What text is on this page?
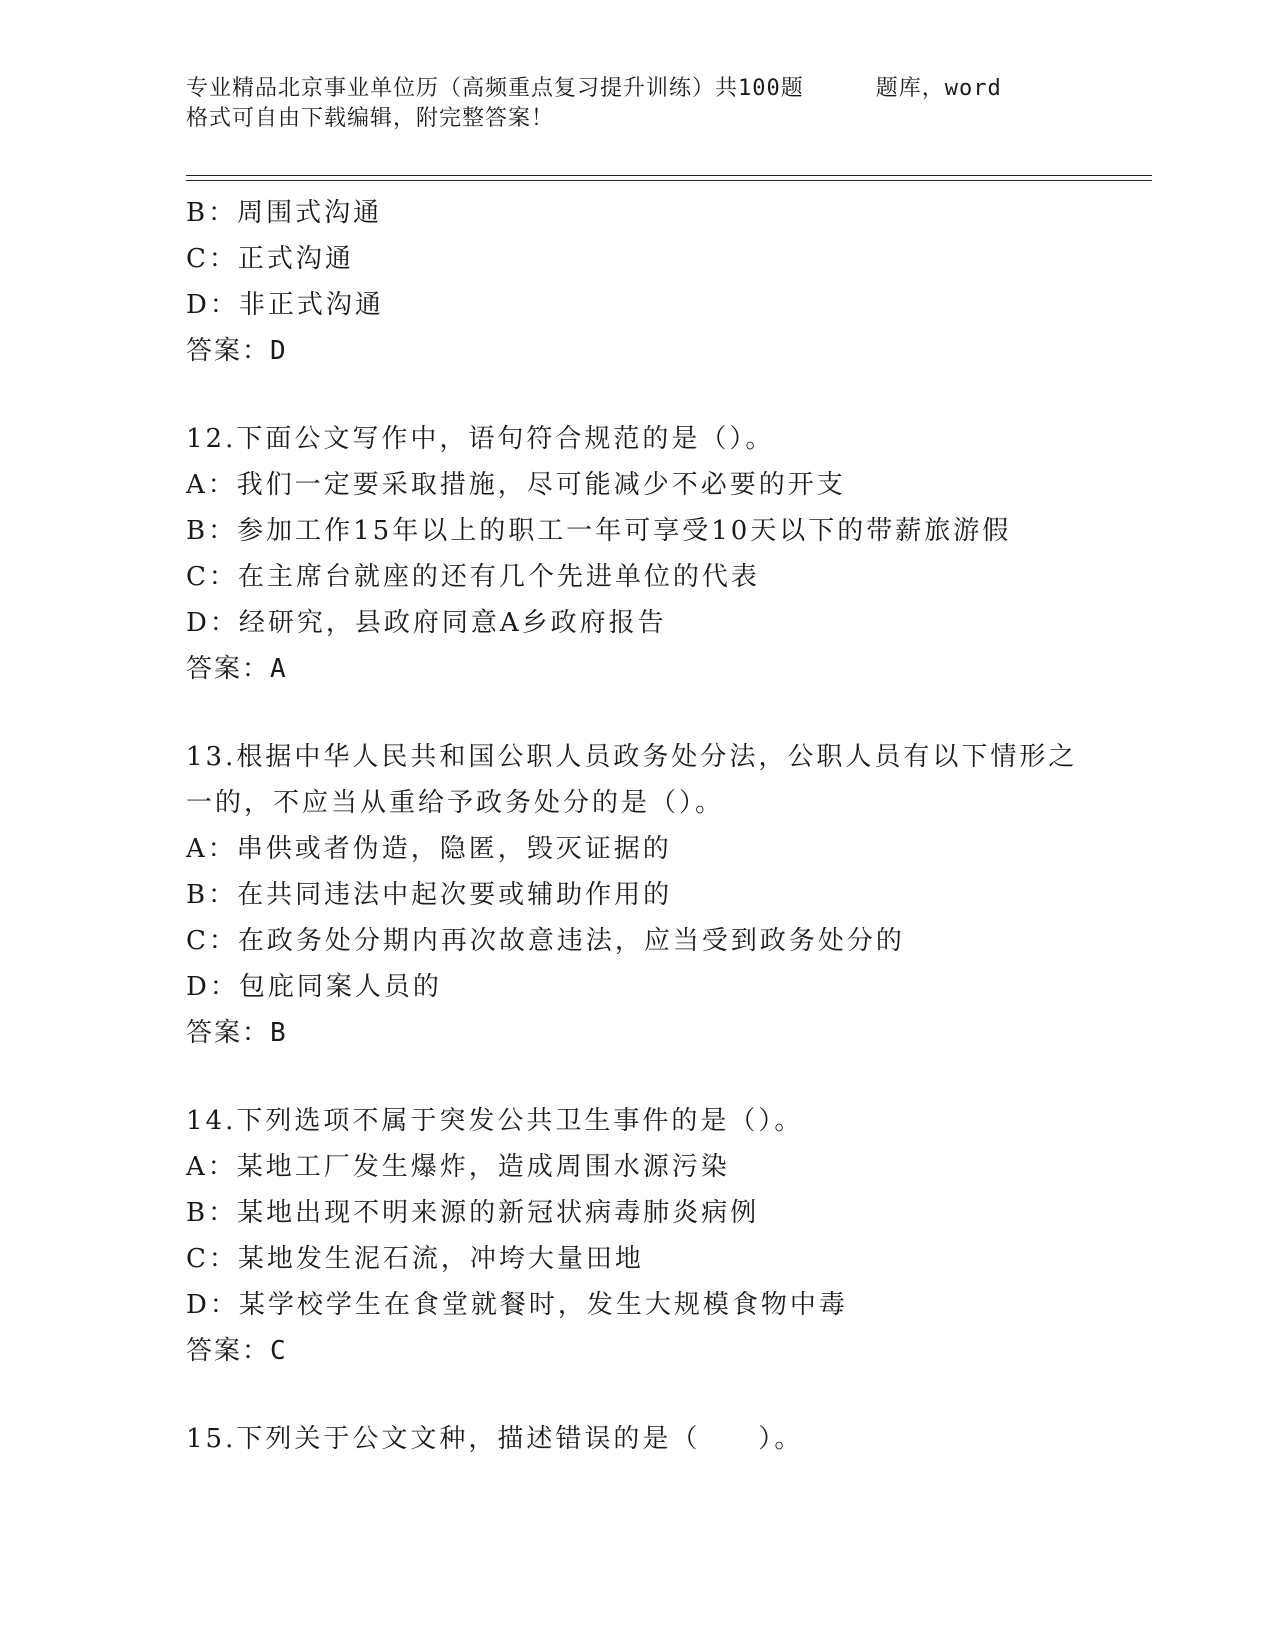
专业精品北京事业单位历（高频重点复习提升训练）共100题	题库，word
格式可自由下载编辑，附完整答案！
B：周围式沟通
C：正式沟通
D：非正式沟通
答案：D
12.下面公文写作中，语句符合规范的是（）。
A：我们一定要采取措施，尽可能减少不必要的开支
B：参加工作15年以上的职工一年可享受10天以下的带薪旅游假
C：在主席台就座的还有几个先进单位的代表
D：经研究，县政府同意A乡政府报告
答案：A
13.根据中华人民共和国公职人员政务处分法，公职人员有以下情形之
一的，不应当从重给予政务处分的是（）。
A：串供或者伪造，隐匿，毁灭证据的
B：在共同违法中起次要或辅助作用的
C：在政务处分期内再次故意违法，应当受到政务处分的
D：包庇同案人员的
答案：B
14.下列选项不属于突发公共卫生事件的是（）。
A：某地工厂发生爆炸，造成周围水源污染
B：某地出现不明来源的新冠状病毒肺炎病例
C：某地发生泥石流，冲垮大量田地
D：某学校学生在食堂就餐时，发生大规模食物中毒
答案：C
15.下列关于公文文种，描述错误的是（　　）。
